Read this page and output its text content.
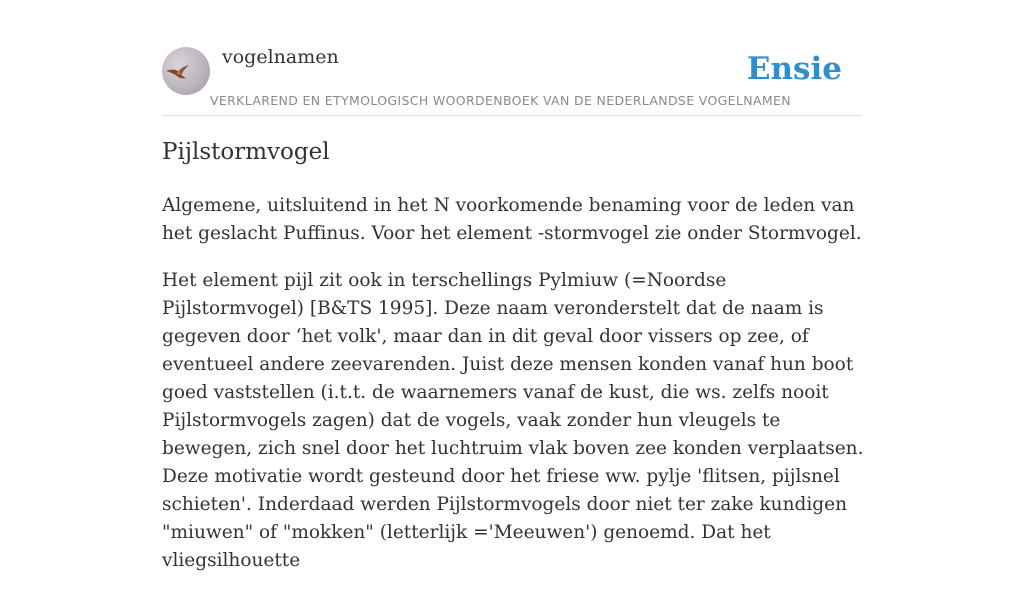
vogelnamen	Ensie
VERKLAREND EN ETYMOLOGISCH WOORDENBOEK VAN DE NEDERLANDSE VOGELNAMEN
Pijlstormvogel

Algemene, uitsluitend in het N voorkomende benaming voor de leden van het geslacht Puffinus. Voor het element -stormvogel zie onder Stormvogel.

Het element pijl zit ook in terschellings Pylmiuw (=Noordse Pijlstormvogel) [B&TS 1995]. Deze naam veronderstelt dat de naam is gegeven door ‘het volk', maar dan in dit geval door vissers op zee, of eventueel andere zeevarenden. Juist deze mensen konden vanaf hun boot goed vaststellen (i.t.t. de waarnemers vanaf de kust, die ws. zelfs nooit Pijlstormvogels zagen) dat de vogels, vaak zonder hun vleugels te bewegen, zich snel door het luchtruim vlak boven zee konden verplaatsen. Deze motivatie wordt gesteund door het friese ww. pylje 'flitsen, pijlsnel schieten'. Inderdaad werden Pijlstormvogels door niet ter zake kundigen "miuwen" of "mokken" (letterlijk ='Meeuwen') genoemd. Dat het vliegsilhouette
